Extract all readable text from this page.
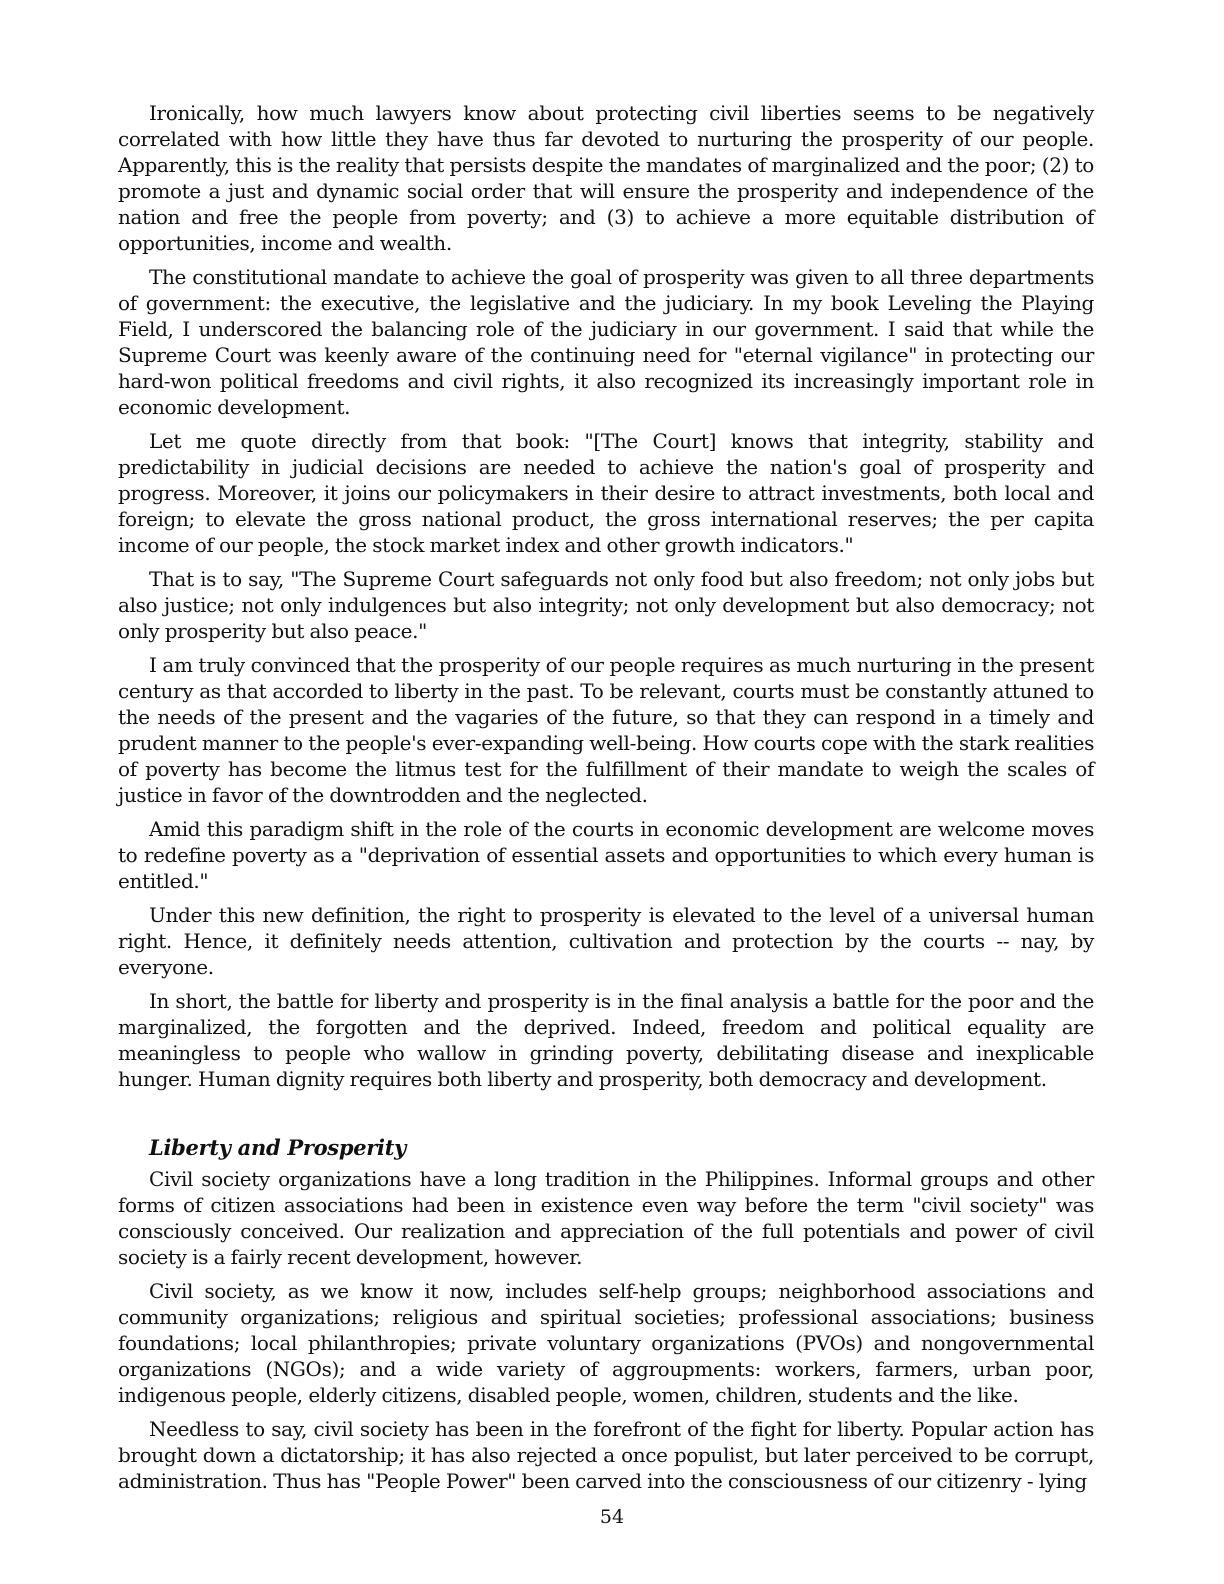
Ironically, how much lawyers know about protecting civil liberties seems to be negatively correlated with how little they have thus far devoted to nurturing the prosperity of our people. Apparently, this is the reality that persists despite the mandates of marginalized and the poor; (2) to promote a just and dynamic social order that will ensure the prosperity and independence of the nation and free the people from poverty; and (3) to achieve a more equitable distribution of opportunities, income and wealth.

The constitutional mandate to achieve the goal of prosperity was given to all three departments of government: the executive, the legislative and the judiciary. In my book Leveling the Playing Field, I underscored the balancing role of the judiciary in our government. I said that while the Supreme Court was keenly aware of the continuing need for "eternal vigilance" in protecting our hard-won political freedoms and civil rights, it also recognized its increasingly important role in economic development.

Let me quote directly from that book: "[The Court] knows that integrity, stability and predictability in judicial decisions are needed to achieve the nation's goal of prosperity and progress. Moreover, it joins our policymakers in their desire to attract investments, both local and foreign; to elevate the gross national product, the gross international reserves; the per capita income of our people, the stock market index and other growth indicators."

That is to say, "The Supreme Court safeguards not only food but also freedom; not only jobs but also justice; not only indulgences but also integrity; not only development but also democracy; not only prosperity but also peace."

I am truly convinced that the prosperity of our people requires as much nurturing in the present century as that accorded to liberty in the past. To be relevant, courts must be constantly attuned to the needs of the present and the vagaries of the future, so that they can respond in a timely and prudent manner to the people's ever-expanding well-being. How courts cope with the stark realities of poverty has become the litmus test for the fulfillment of their mandate to weigh the scales of justice in favor of the downtrodden and the neglected.

Amid this paradigm shift in the role of the courts in economic development are welcome moves to redefine poverty as a "deprivation of essential assets and opportunities to which every human is entitled."

Under this new definition, the right to prosperity is elevated to the level of a universal human right. Hence, it definitely needs attention, cultivation and protection by the courts -- nay, by everyone.

In short, the battle for liberty and prosperity is in the final analysis a battle for the poor and the marginalized, the forgotten and the deprived. Indeed, freedom and political equality are meaningless to people who wallow in grinding poverty, debilitating disease and inexplicable hunger. Human dignity requires both liberty and prosperity, both democracy and development.

Liberty and Prosperity

Civil society organizations have a long tradition in the Philippines. Informal groups and other forms of citizen associations had been in existence even way before the term "civil society" was consciously conceived. Our realization and appreciation of the full potentials and power of civil society is a fairly recent development, however.

Civil society, as we know it now, includes self-help groups; neighborhood associations and community organizations; religious and spiritual societies; professional associations; business foundations; local philanthropies; private voluntary organizations (PVOs) and nongovernmental organizations (NGOs); and a wide variety of aggroupments: workers, farmers, urban poor, indigenous people, elderly citizens, disabled people, women, children, students and the like.

Needless to say, civil society has been in the forefront of the fight for liberty. Popular action has brought down a dictatorship; it has also rejected a once populist, but later perceived to be corrupt, administration. Thus has "People Power" been carved into the consciousness of our citizenry - lying

54
